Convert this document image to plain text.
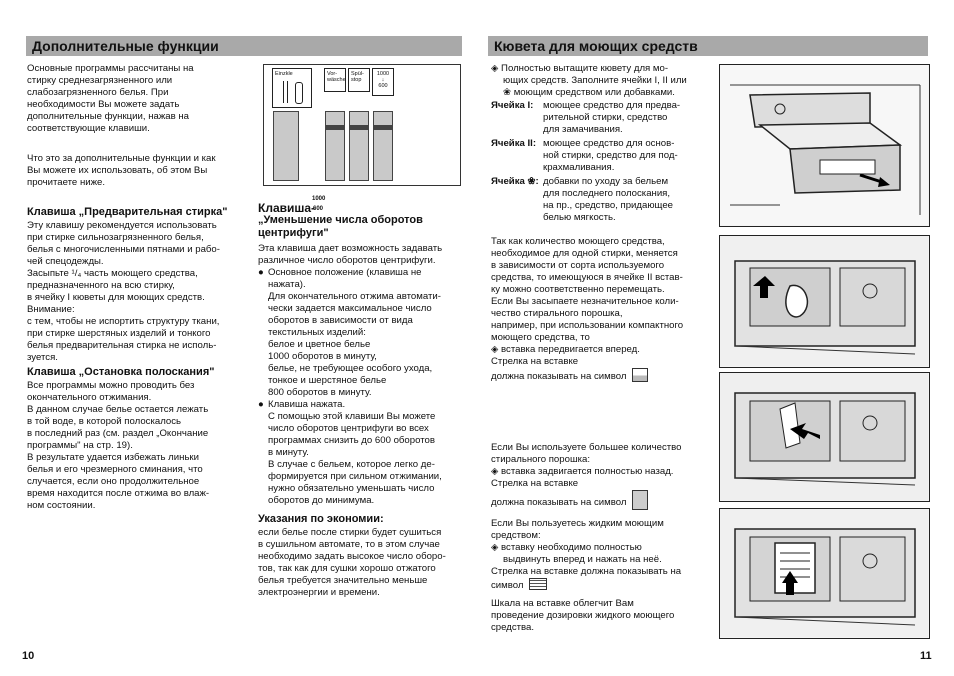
Дополнительные функции
Основные программы рассчитаны на
стирку среднезагрязненного или
слабозагрязненного белья. При
необходимости Вы можете задать
дополнительные функции, нажав на
соответствующие клавиши.
Что это за дополнительные функции и как
Вы можете их использовать, об этом Вы
прочитаете ниже.
Клавиша „Предварительная стирка"
Эту клавишу рекомендуется использовать
при стирке сильнозагрязненного белья,
белья с многочисленными пятнами и рабо-
чей спецодежды.
Засыпьте ¹/₄ часть моющего средства,
предназначенного на всю стирку,
в ячейку I кюветы для моющих средств.
Внимание:
с тем, чтобы не испортить структуру ткани,
при стирке шерстяных изделий и тонкого
белья предварительная стирка не исполь-
зуется.
Клавиша „Остановка полоскания"
Все программы можно проводить без
окончательного отжимания.
В данном случае белье остается лежать
в той воде, в которой полоскалось
в последний раз (см. раздел „Окончание
программы" на стр. 19).
В результате удается избежать линьки
белья и его чрезмерного сминания, что
случается, если оно продолжительное
время находится после отжима во влаж-
ном состоянии.
Einzkle	Vor-
wäsche
Spül-
stop
1000
↓
600
Клавиша-
1000
600
„Уменьшение числа оборотов
центрифуги"
Эта клавиша дает возможность задавать
различное число оборотов центрифуги.
● Основное положение (клавиша не
нажата).
Для окончательного отжима автомати-
чески задается максимальное число
оборотов в зависимости от вида
текстильных изделий:
белое и цветное белье
1000 оборотов в минуту,
белье, не требующее особого ухода,
тонкое и шерстяное белье
800 оборотов в минуту.
● Клавиша нажата.
С помощью этой клавиши Вы можете
число оборотов центрифуги во всех
программах снизить до 600 оборотов
в минуту.
В случае с бельем, которое легко де-
формируется при сильном отжимании,
нужно обязательно уменьшать число
оборотов до минимума.
Указания по экономии:
если белье после стирки будет сушиться
в сушильном автомате, то в этом случае
необходимо задать высокое число оборо-
тов, так как для сушки хорошо отжатого
белья требуется значительно меньше
электроэнергии и времени.
10
Кювета для моющих средств
◈ Полностью вытащите кювету для мо-
ющих средств. Заполните ячейки I, II или
❀ моющим средством или добавками.
Ячейка I:	моющее средство для предва-
рительной стирки, средство
для замачивания.
Ячейка II: моющее средство для основ-
ной стирки, средство для под-
крахмаливания.
Ячейка ❀: добавки по уходу за бельем
для последнего полоскания,
на пр., средство, придающее
белью мягкость.
Так как количество моющего средства,
необходимое для одной стирки, меняется
в зависимости от сорта используемого
средства, то имеющуюся в ячейке II встав-
ку можно соответственно перемещать.
Если Вы засыпаете незначительное коли-
чество стирального порошка,
например, при использовании компактного
моющего средства, то
◈ вставка передвигается вперед.
Стрелка на вставке
должна показывать на символ
Если Вы используете большее количество
стирального порошка:
◈ вставка задвигается полностью назад.
Стрелка на вставке
должна показывать на символ
Если Вы пользуетесь жидким моющим
средством:
◈ вставку необходимо полностью
выдвинуть вперед и нажать на неё.
Стрелка на вставке должна показывать на
символ
Шкала на вставке облегчит Вам
проведение дозировки жидкого моющего
средства.
11
